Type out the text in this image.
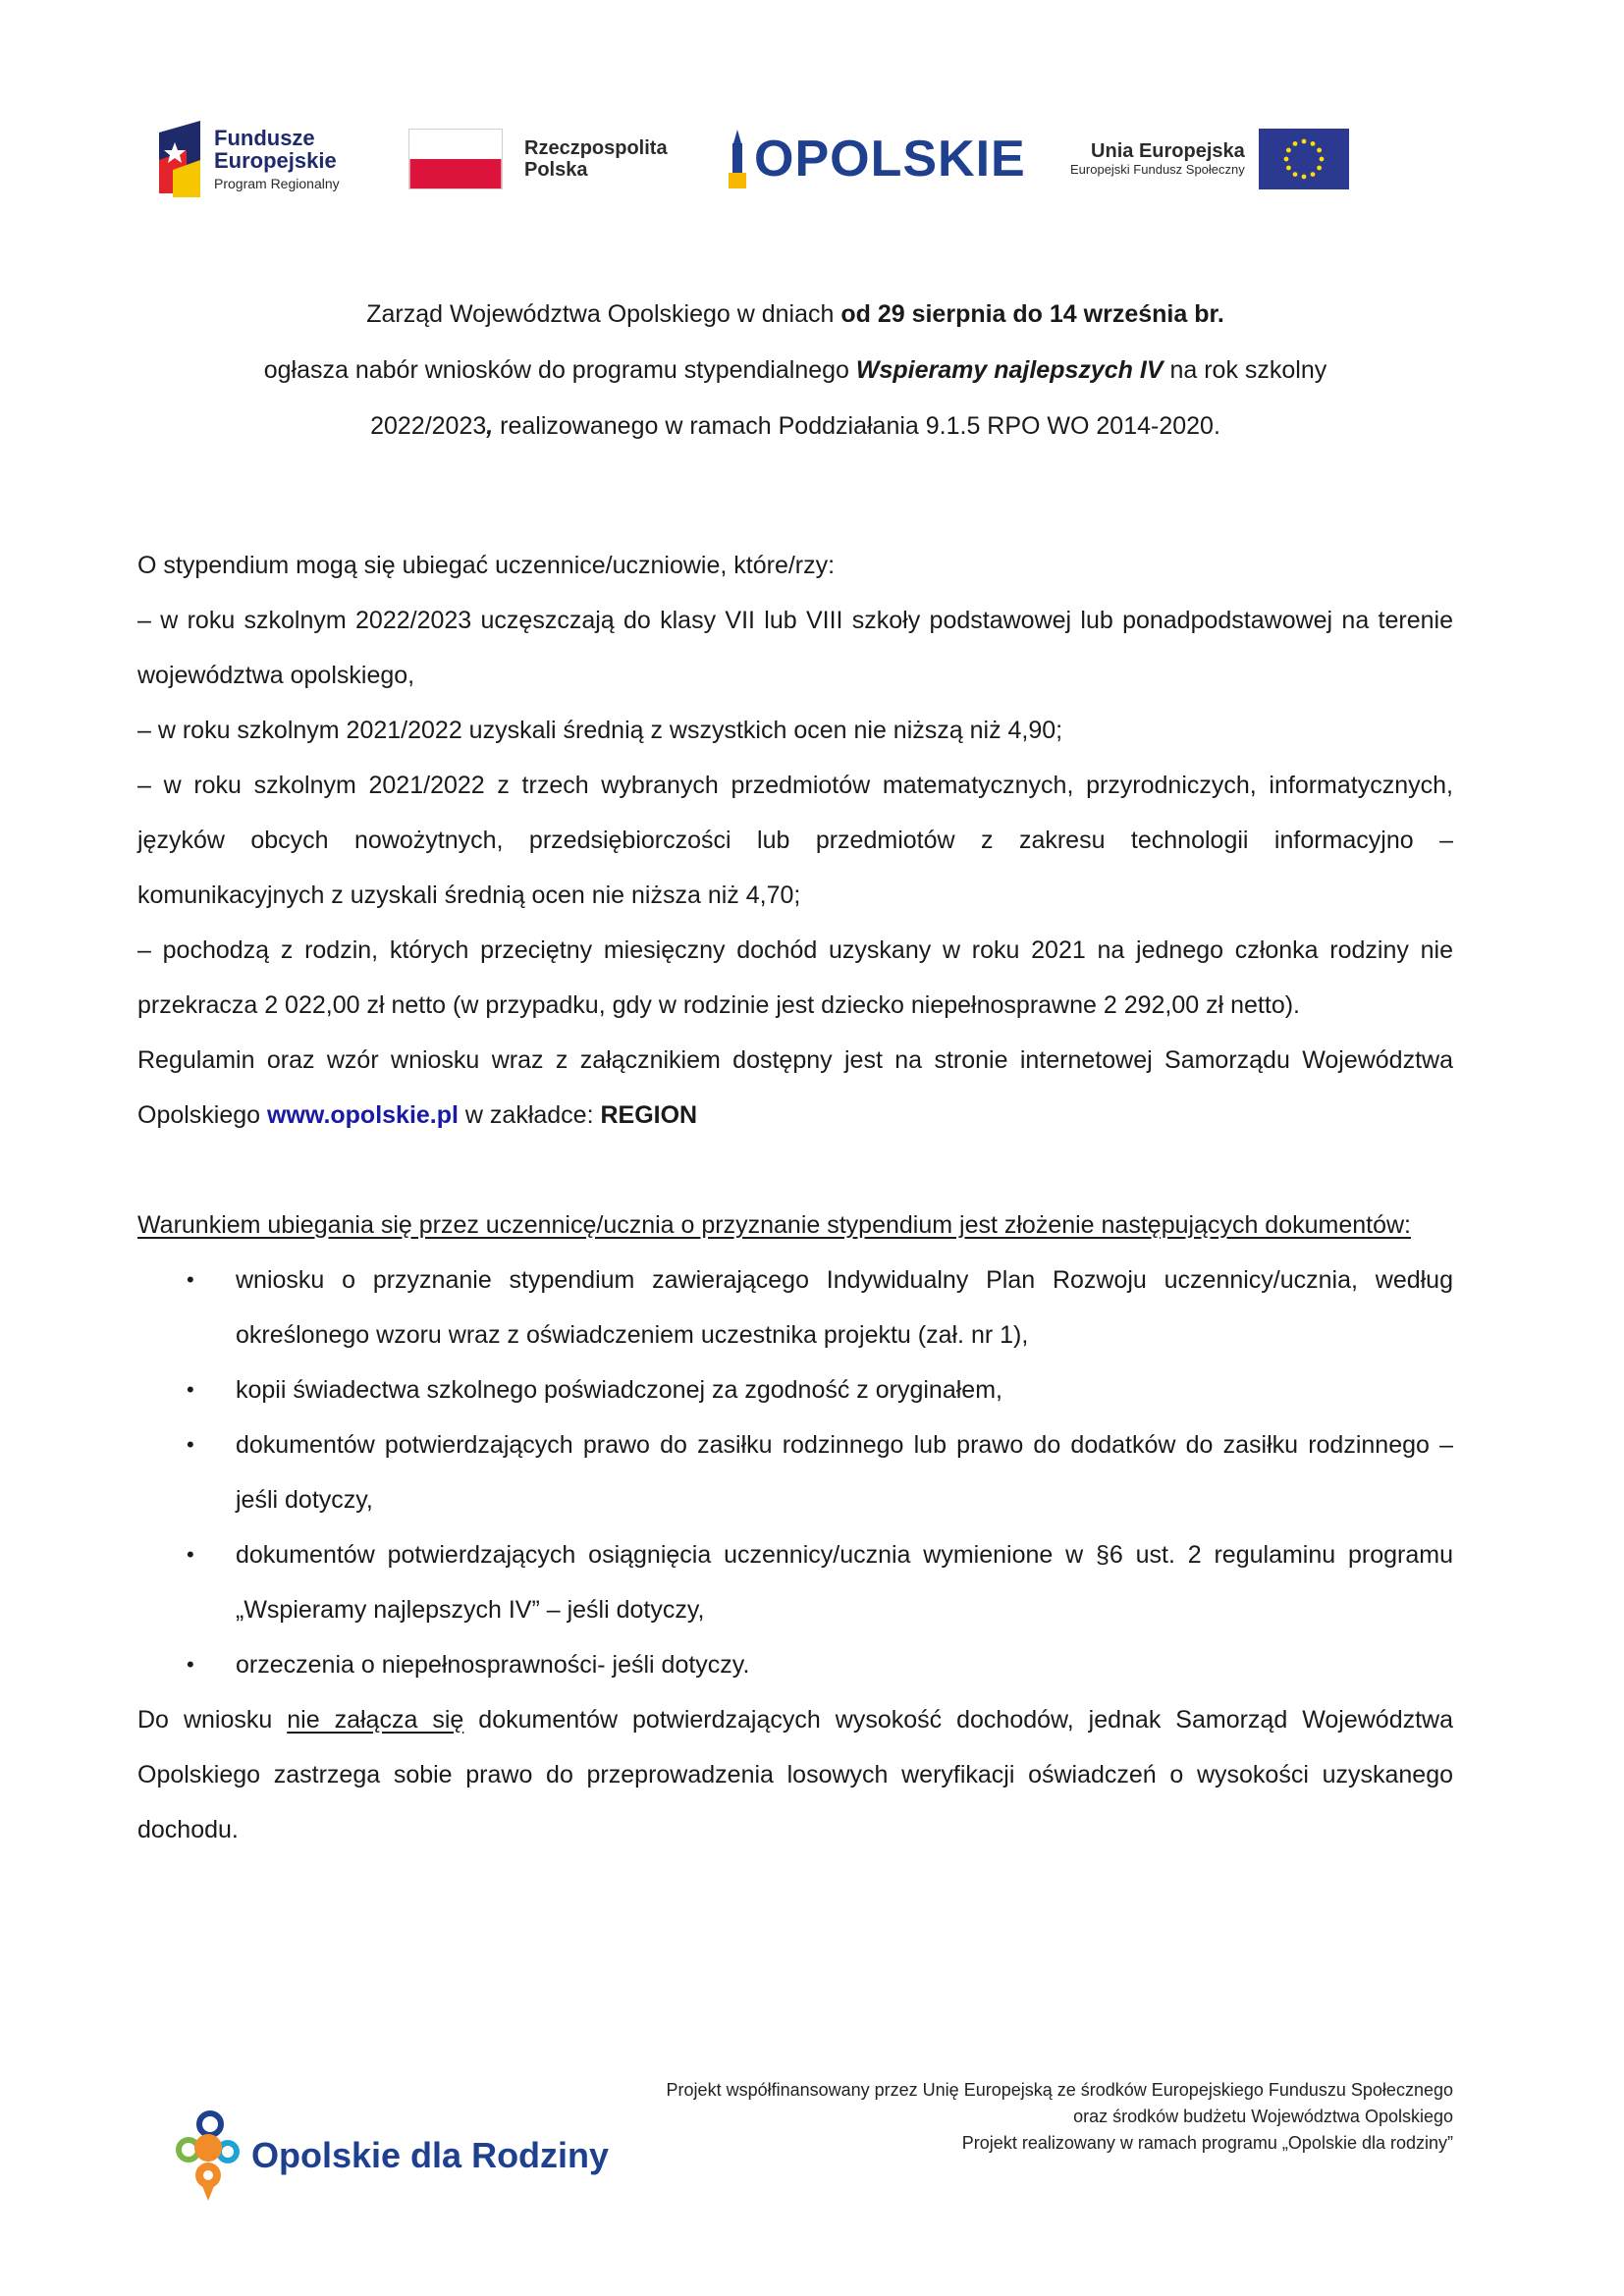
Fundusze
Europejskie
Program Regionalny
Rzeczpospolita
Polska	OPOLSKIE	Unia Europejska
Europejski Fundusz Społeczny

Zarząd Województwa Opolskiego w dniach od 29 sierpnia do 14 września br.

ogłasza nabór wniosków do programu stypendialnego Wspieramy najlepszych IV na rok szkolny

2022/2023, realizowanego w ramach Poddziałania 9.1.5 RPO WO 2014-2020.

O stypendium mogą się ubiegać uczennice/uczniowie, które/rzy:

– w roku szkolnym 2022/2023 uczęszczają do klasy VII lub VIII szkoły podstawowej lub ponadpodstawowej na terenie województwa opolskiego,

– w roku szkolnym 2021/2022 uzyskali średnią z wszystkich ocen nie niższą niż 4,90;

– w roku szkolnym 2021/2022 z trzech wybranych przedmiotów matematycznych, przyrodniczych, informatycznych, języków obcych nowożytnych, przedsiębiorczości lub przedmiotów z zakresu technologii informacyjno – komunikacyjnych z uzyskali średnią ocen nie niższa niż 4,70;

– pochodzą z rodzin, których przeciętny miesięczny dochód uzyskany w roku 2021 na jednego członka rodziny nie przekracza 2 022,00 zł netto (w przypadku, gdy w rodzinie jest dziecko niepełnosprawne 2 292,00 zł netto).

Regulamin oraz wzór wniosku wraz z załącznikiem dostępny jest na stronie internetowej Samorządu Województwa Opolskiego www.opolskie.pl w zakładce: REGION

Warunkiem ubiegania się przez uczennicę/ucznia o przyznanie stypendium jest złożenie następujących dokumentów:

• wniosku o przyznanie stypendium zawierającego Indywidualny Plan Rozwoju uczennicy/ucznia, według określonego wzoru wraz z oświadczeniem uczestnika projektu (zał. nr 1),
• kopii świadectwa szkolnego poświadczonej za zgodność z oryginałem,
• dokumentów potwierdzających prawo do zasiłku rodzinnego lub prawo do dodatków do zasiłku rodzinnego – jeśli dotyczy,
• dokumentów potwierdzających osiągnięcia uczennicy/ucznia wymienione w §6 ust. 2 regulaminu programu „Wspieramy najlepszych IV” – jeśli dotyczy,
• orzeczenia o niepełnosprawności- jeśli dotyczy.

Do wniosku nie załącza się dokumentów potwierdzających wysokość dochodów, jednak Samorząd Województwa Opolskiego zastrzega sobie prawo do przeprowadzenia losowych weryfikacji oświadczeń o wysokości uzyskanego dochodu.

Opolskie dla Rodziny
Projekt współfinansowany przez Unię Europejską ze środków Europejskiego Funduszu Społecznego
oraz środków budżetu Województwa Opolskiego
Projekt realizowany w ramach programu „Opolskie dla rodziny”
